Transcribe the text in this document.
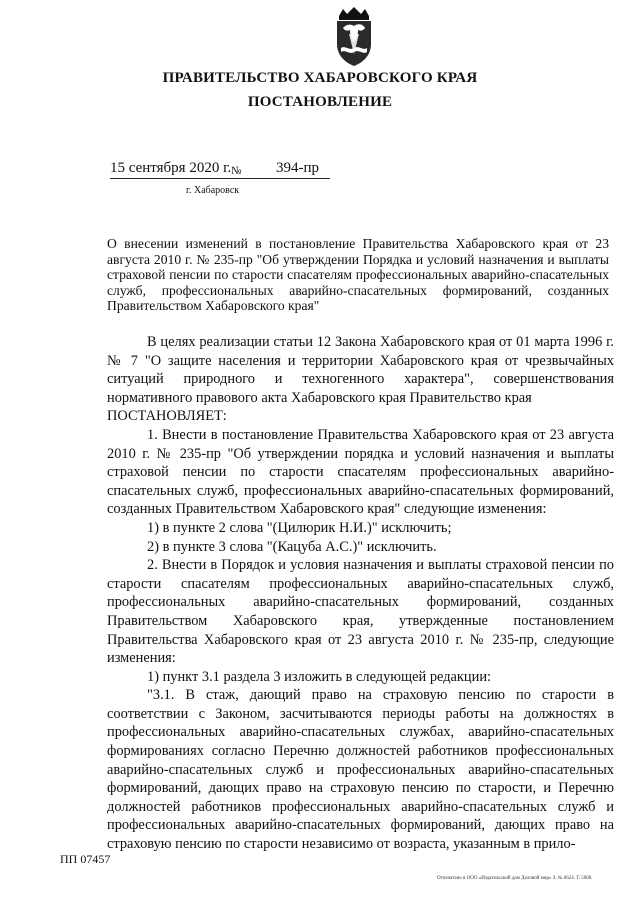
ПРАВИТЕЛЬСТВО ХАБАРОВСКОГО КРАЯ
ПОСТАНОВЛЕНИЕ
15 сентября 2020 г. № 394-пр
г. Хабаровск
О внесении изменений в постановление Правительства Хабаровского края от 23 августа 2010 г. № 235-пр "Об утверждении Порядка и условий назначения и выплаты страховой пенсии по старости спасателям профессиональных аварийно-спасательных служб, профессиональных аварийно-спасательных формирований, созданных Правительством Хабаровского края"

В целях реализации статьи 12 Закона Хабаровского края от 01 марта 1996 г. № 7 "О защите населения и территории Хабаровского края от чрезвычайных ситуаций природного и техногенного характера", совершенствования нормативного правового акта Хабаровского края Правительство края

ПОСТАНОВЛЯЕТ:

1. Внести в постановление Правительства Хабаровского края от 23 августа 2010 г. № 235-пр "Об утверждении порядка и условий назначения и выплаты страховой пенсии по старости спасателям профессиональных аварийно-спасательных служб, профессиональных аварийно-спасательных формирований, созданных Правительством Хабаровского края" следующие изменения:

1) в пункте 2 слова "(Цилюрик Н.И.)" исключить;

2) в пункте 3 слова "(Кацуба А.С.)" исключить.

2. Внести в Порядок и условия назначения и выплаты страховой пенсии по старости спасателям профессиональных аварийно-спасательных служб, профессиональных аварийно-спасательных формирований, созданных Правительством Хабаровского края, утвержденные постановлением Правительства Хабаровского края от 23 августа 2010 г. № 235-пр, следующие изменения:

1) пункт 3.1 раздела 3 изложить в следующей редакции:

"3.1. В стаж, дающий право на страховую пенсию по старости в соответствии с Законом, засчитываются периоды работы на должностях в профессиональных аварийно-спасательных службах, аварийно-спасательных формированиях согласно Перечню должностей работников профессиональных аварийно-спасательных служб и профессиональных аварийно-спасательных формирований, дающих право на страховую пенсию по старости, и Перечню должностей работников профессиональных аварийно-спасательных служб и профессиональных аварийно-спасательных формирований, дающих право на страховую пенсию по старости независимо от возраста, указанным в прило-

ПП 07457
Отпечатано в ООО «Издательский дом Деловой мир» З. № 6624. Т. 5000.
